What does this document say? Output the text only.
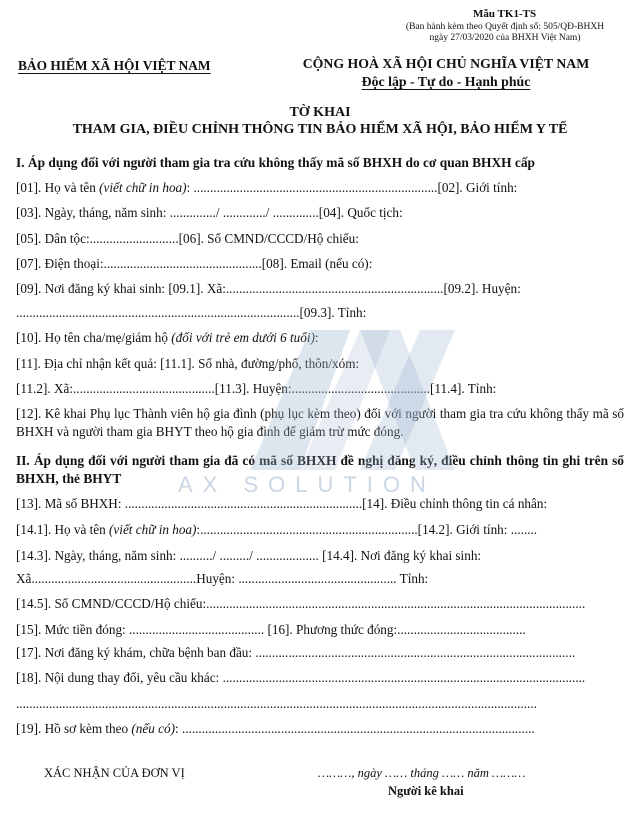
Mẫu TK1-TS
(Ban hành kèm theo Quyết định số: 505/QĐ-BHXH
ngày 27/03/2020 của BHXH Việt Nam)
BẢO HIỂM XÃ HỘI VIỆT NAM	CỘNG HOÀ XÃ HỘI CHỦ NGHĨA VIỆT NAM
Độc lập - Tự do - Hạnh phúc
TỜ KHAI
THAM GIA, ĐIỀU CHỈNH THÔNG TIN BẢO HIỂM XÃ HỘI, BẢO HIỂM Y TẾ
I. Áp dụng đối với người tham gia tra cứu không thấy mã số BHXH do cơ quan BHXH cấp
[01]. Họ và tên (viết chữ in hoa): ..........................................................................[02]. Giới tính:
[03]. Ngày, tháng, năm sinh: ............../ ............./ ..............[04]. Quốc tịch:
[05]. Dân tộc:...........................[06]. Số CMND/CCCD/Hộ chiếu:
[07]. Điện thoại:................................................[08]. Email (nếu có):
[09]. Nơi đăng ký khai sinh: [09.1]. Xã:..................................................................[09.2]. Huyện:
......................................................................................[09.3]. Tỉnh:
[10]. Họ tên cha/mẹ/giám hộ (đối với trẻ em dưới 6 tuổi):
[11]. Địa chỉ nhận kết quả: [11.1]. Số nhà, đường/phố, thôn/xóm:
[11.2]. Xã:...........................................[11.3]. Huyện:..........................................[11.4]. Tỉnh:
[12]. Kê khai Phụ lục Thành viên hộ gia đình (phụ lục kèm theo) đối với người tham gia tra cứu không thấy mã số BHXH và người tham gia BHYT theo hộ gia đình để giảm trừ mức đóng.
II. Áp dụng đối với người tham gia đã có mã số BHXH đề nghị đăng ký, điều chỉnh thông tin ghi trên sổ BHXH, thẻ BHYT
[13]. Mã số BHXH: ........................................................................[14]. Điều chỉnh thông tin cá nhân:
[14.1]. Họ và tên (viết chữ in hoa):..................................................................[14.2]. Giới tính: ........
[14.3]. Ngày, tháng, năm sinh: ........../ ........./ ................... [14.4]. Nơi đăng ký khai sinh:
Xã..................................................Huyện: ................................................ Tỉnh:
[14.5]. Số CMND/CCCD/Hộ chiếu:...................................................................................................................
[15]. Mức tiền đóng: ......................................... [16]. Phương thức đóng:.......................................
[17]. Nơi đăng ký khám, chữa bệnh ban đầu: .................................................................................................
[18]. Nội dung thay đổi, yêu cầu khác: ..............................................................................................................
..............................................................................................................................................................
[19]. Hồ sơ kèm theo (nếu có): ...........................................................................................................
XÁC NHẬN CỦA ĐƠN VỊ	………, ngày …… tháng …… năm ………
Người kê khai
AX SOLUTION
